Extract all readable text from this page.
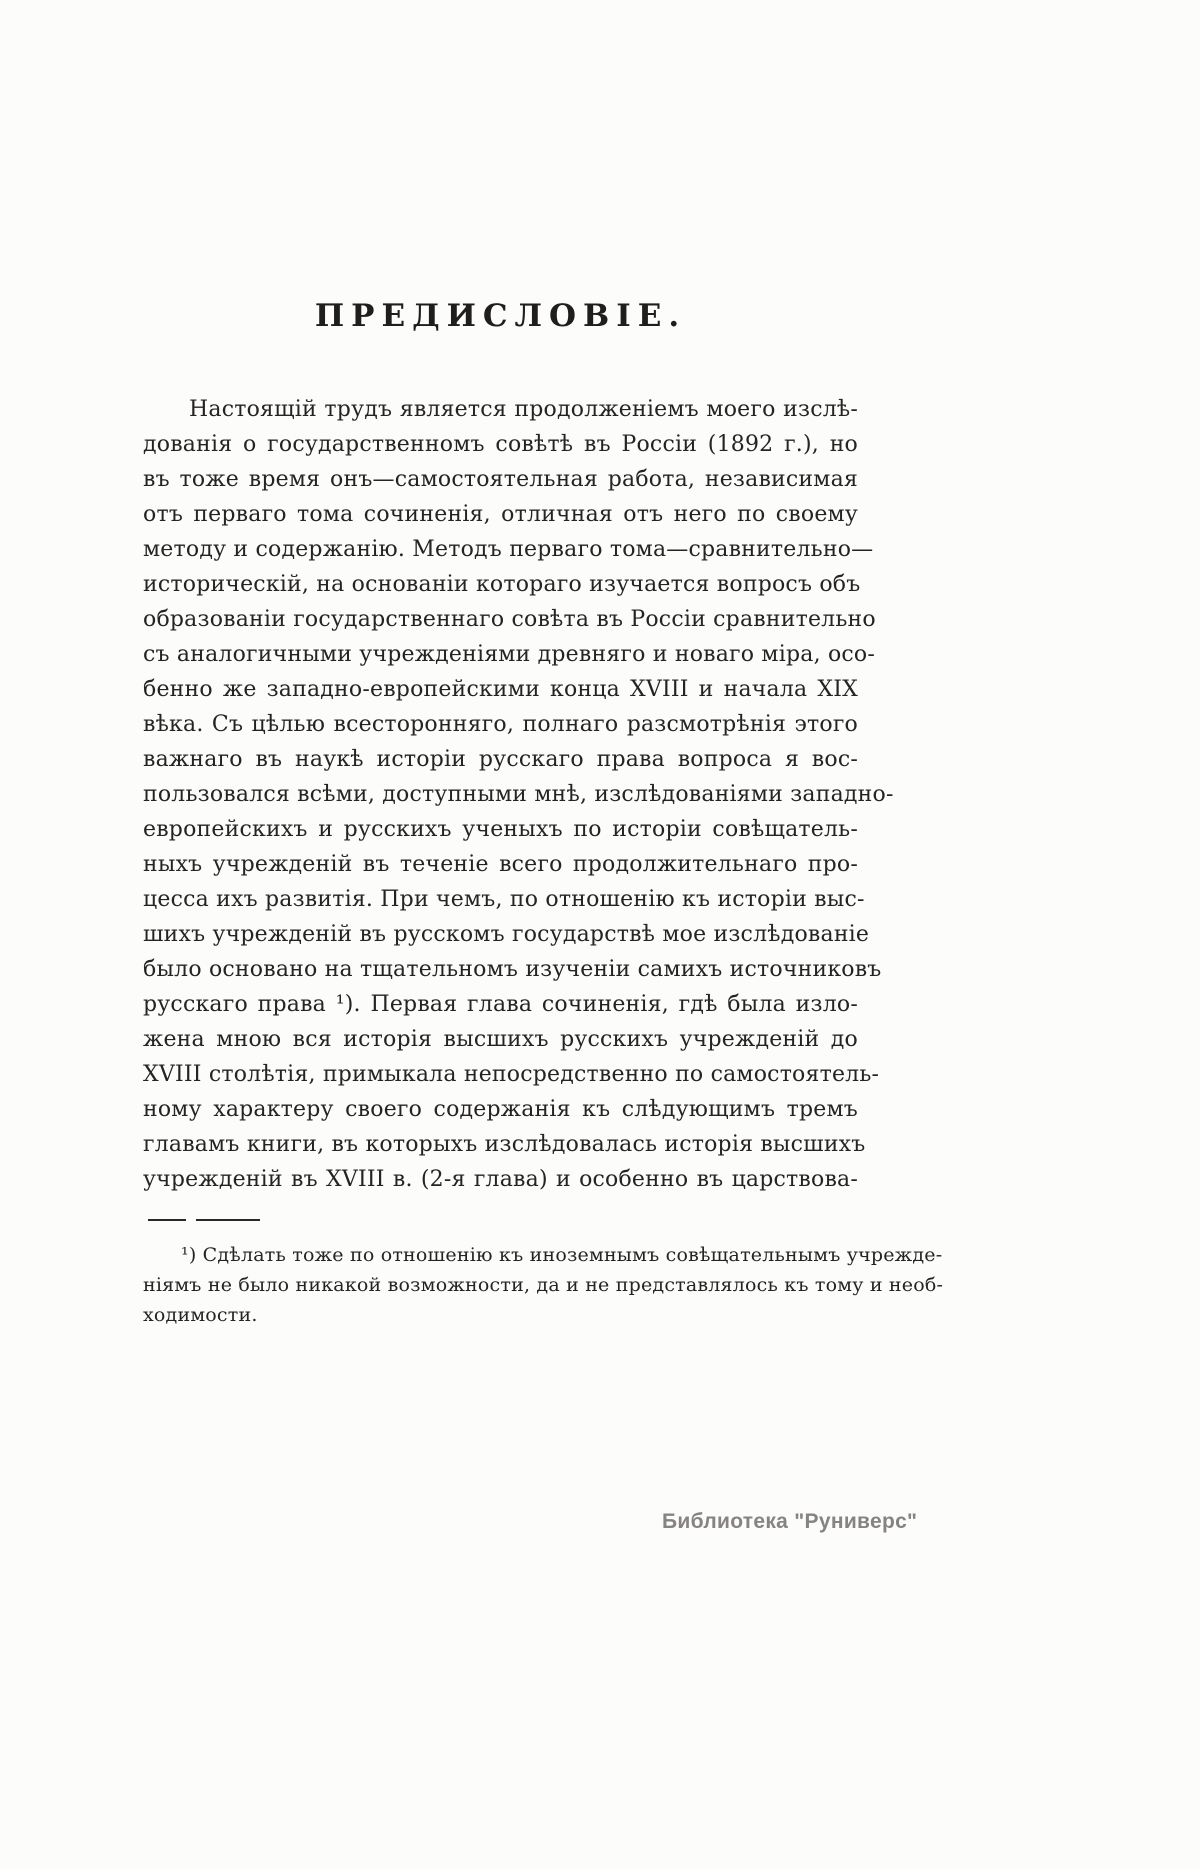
ПРЕДИСЛОВІЕ.
Настоящій трудъ является продолженіемъ моего изслѣ-
дованія о государственномъ совѣтѣ въ Россіи (1892 г.), но
въ тоже время онъ—самостоятельная работа, независимая
отъ перваго тома сочиненія, отличная отъ него по своему
методу и содержанію. Методъ перваго тома—сравнительно—
историческій, на основаніи котораго изучается вопросъ объ
образованіи государственнаго совѣта въ Россіи сравнительно
съ аналогичными учрежденіями древняго и новаго міра, осо-
бенно же западно-европейскими конца XVIII и начала XIX
вѣка. Съ цѣлью всесторонняго, полнаго разсмотрѣнія этого
важнаго въ наукѣ исторіи русскаго права вопроса я вос-
пользовался всѣми, доступными мнѣ, изслѣдованіями западно-
европейскихъ и русскихъ ученыхъ по исторіи совѣщатель-
ныхъ учрежденій въ теченіе всего продолжительнаго про-
цесса ихъ развитія. При чемъ, по отношенію къ исторіи выс-
шихъ учрежденій въ русскомъ государствѣ мое изслѣдованіе
было основано на тщательномъ изученіи самихъ источниковъ
русскаго права ¹). Первая глава сочиненія, гдѣ была изло-
жена мною вся исторія высшихъ русскихъ учрежденій до
XVIII столѣтія, примыкала непосредственно по самостоятель-
ному характеру своего содержанія къ слѣдующимъ тремъ
главамъ книги, въ которыхъ изслѣдовалась исторія высшихъ
учрежденій въ XVIII в. (2-я глава) и особенно въ царствова-
¹) Сдѣлать тоже по отношенію къ иноземнымъ совѣщательнымъ учрежде-
ніямъ не было никакой возможности, да и не представлялось къ тому и необ-
ходимости.
Библиотека "Руниверс"
